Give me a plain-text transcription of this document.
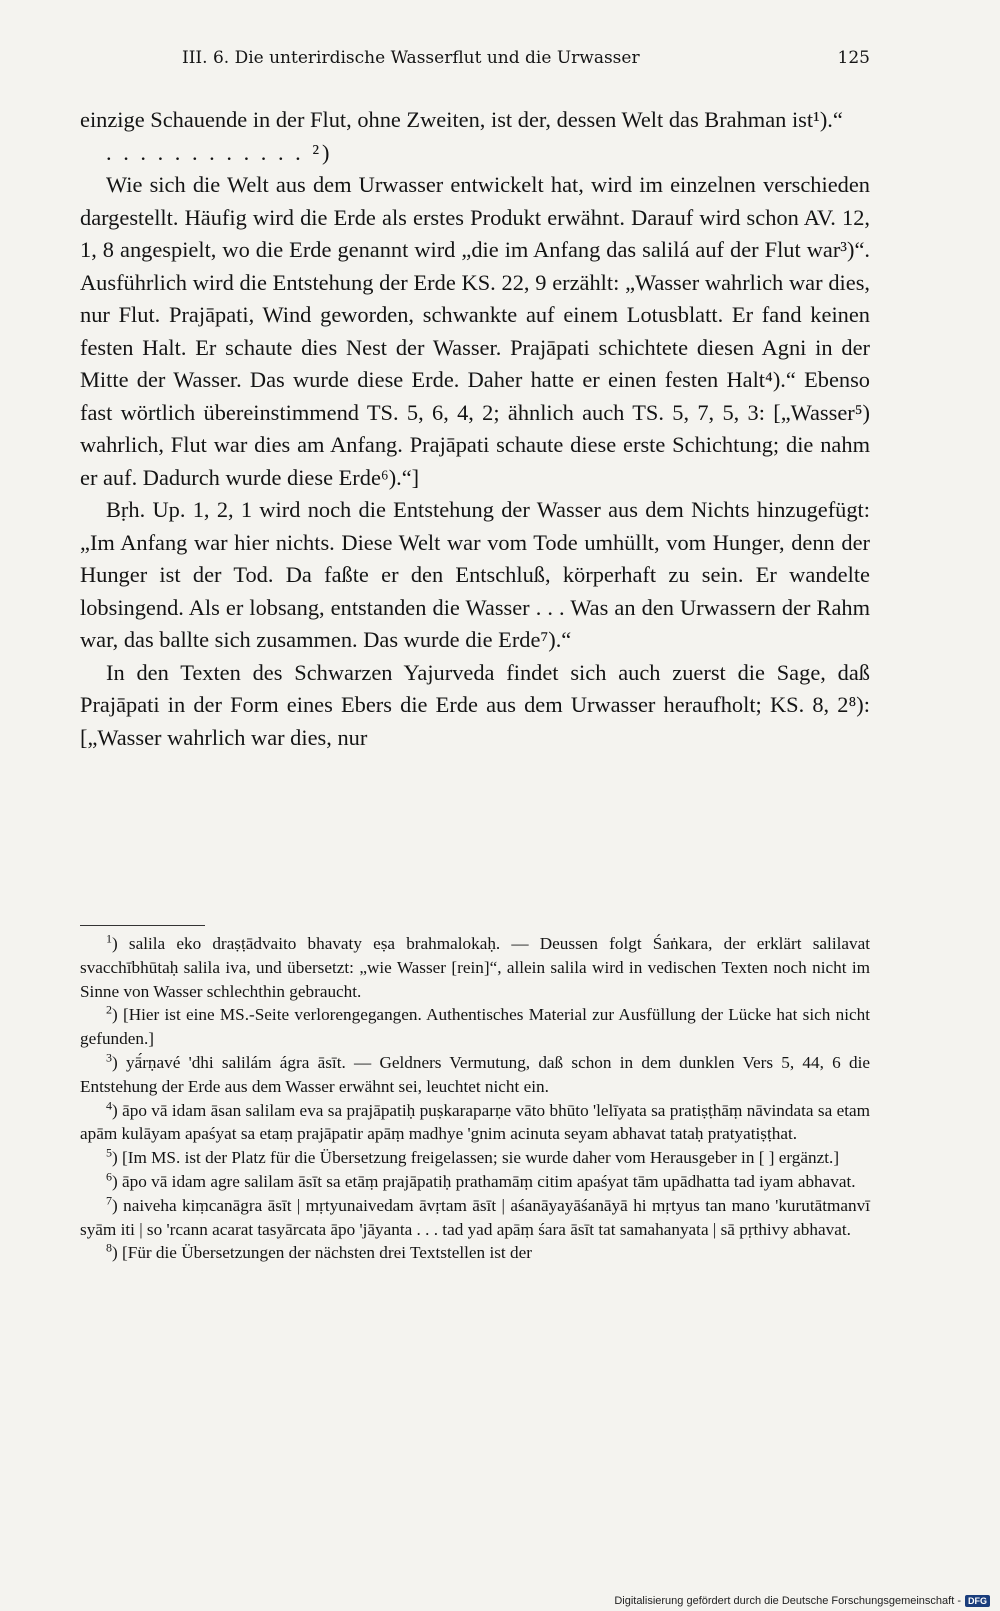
III. 6. Die unterirdische Wasserflut und die Urwasser	125

einzige Schauende in der Flut, ohne Zweiten, ist der, dessen Welt das Brahman ist¹).“

. . . . . . . . . . . . ²)

Wie sich die Welt aus dem Urwasser entwickelt hat, wird im einzelnen verschieden dargestellt. Häufig wird die Erde als erstes Produkt erwähnt. Darauf wird schon AV. 12, 1, 8 angespielt, wo die Erde genannt wird „die im Anfang das salilá auf der Flut war³)“. Ausführlich wird die Entstehung der Erde KS. 22, 9 erzählt: „Wasser wahrlich war dies, nur Flut. Prajāpati, Wind geworden, schwankte auf einem Lotusblatt. Er fand keinen festen Halt. Er schaute dies Nest der Wasser. Prajāpati schichtete diesen Agni in der Mitte der Wasser. Das wurde diese Erde. Daher hatte er einen festen Halt⁴).“ Ebenso fast wörtlich übereinstimmend TS. 5, 6, 4, 2; ähnlich auch TS. 5, 7, 5, 3: [„Wasser⁵) wahrlich, Flut war dies am Anfang. Prajāpati schaute diese erste Schichtung; die nahm er auf. Dadurch wurde diese Erde⁶).“]

Bṛh. Up. 1, 2, 1 wird noch die Entstehung der Wasser aus dem Nichts hinzugefügt: „Im Anfang war hier nichts. Diese Welt war vom Tode umhüllt, vom Hunger, denn der Hunger ist der Tod. Da faßte er den Entschluß, körperhaft zu sein. Er wandelte lobsingend. Als er lobsang, entstanden die Wasser . . . Was an den Urwassern der Rahm war, das ballte sich zusammen. Das wurde die Erde⁷).“

In den Texten des Schwarzen Yajurveda findet sich auch zuerst die Sage, daß Prajāpati in der Form eines Ebers die Erde aus dem Urwasser heraufholt; KS. 8, 2⁸): [„Wasser wahrlich war dies, nur

$^1$) salila eko draṣṭādvaito bhavaty eṣa brahmalokaḥ. — Deussen folgt Śaṅkara, der erklärt salilavat svacchībhūtaḥ salila iva, und übersetzt: „wie Wasser [rein]“, allein salila wird in vedischen Texten noch nicht im Sinne von Wasser schlechthin gebraucht.

$^2$) [Hier ist eine MS.-Seite verlorengegangen. Authentisches Material zur Ausfüllung der Lücke hat sich nicht gefunden.]

$^3$) yā́rṇavé 'dhi salilám ágra āsīt. — Geldners Vermutung, daß schon in dem dunklen Vers 5, 44, 6 die Entstehung der Erde aus dem Wasser erwähnt sei, leuchtet nicht ein.

$^4$) āpo vā idam āsan salilam eva sa prajāpatiḥ puṣkaraparṇe vāto bhūto 'lelīyata sa pratiṣṭhāṃ nāvindata sa etam apām kulāyam apaśyat sa etaṃ prajāpatir apāṃ madhye 'gnim acinuta seyam abhavat tataḥ pratyatiṣṭhat.

$^5$) [Im MS. ist der Platz für die Übersetzung freigelassen; sie wurde daher vom Herausgeber in [ ] ergänzt.]

$^6$) āpo vā idam agre salilam āsīt sa etāṃ prajāpatiḥ prathamāṃ citim apaśyat tām upādhatta tad iyam abhavat.

$^7$) naiveha kiṃcanāgra āsīt | mṛtyunaivedam āvṛtam āsīt | aśanāyayāśanāyā hi mṛtyus tan mano 'kurutātmanvī syām iti | so 'rcann acarat tasyārcata āpo 'jāyanta . . . tad yad apāṃ śara āsīt tat samahanyata | sā pṛthivy abhavat.

$^8$) [Für die Übersetzungen der nächsten drei Textstellen ist der

Digitalisierung gefördert durch die Deutsche Forschungsgemeinschaft - DFG
